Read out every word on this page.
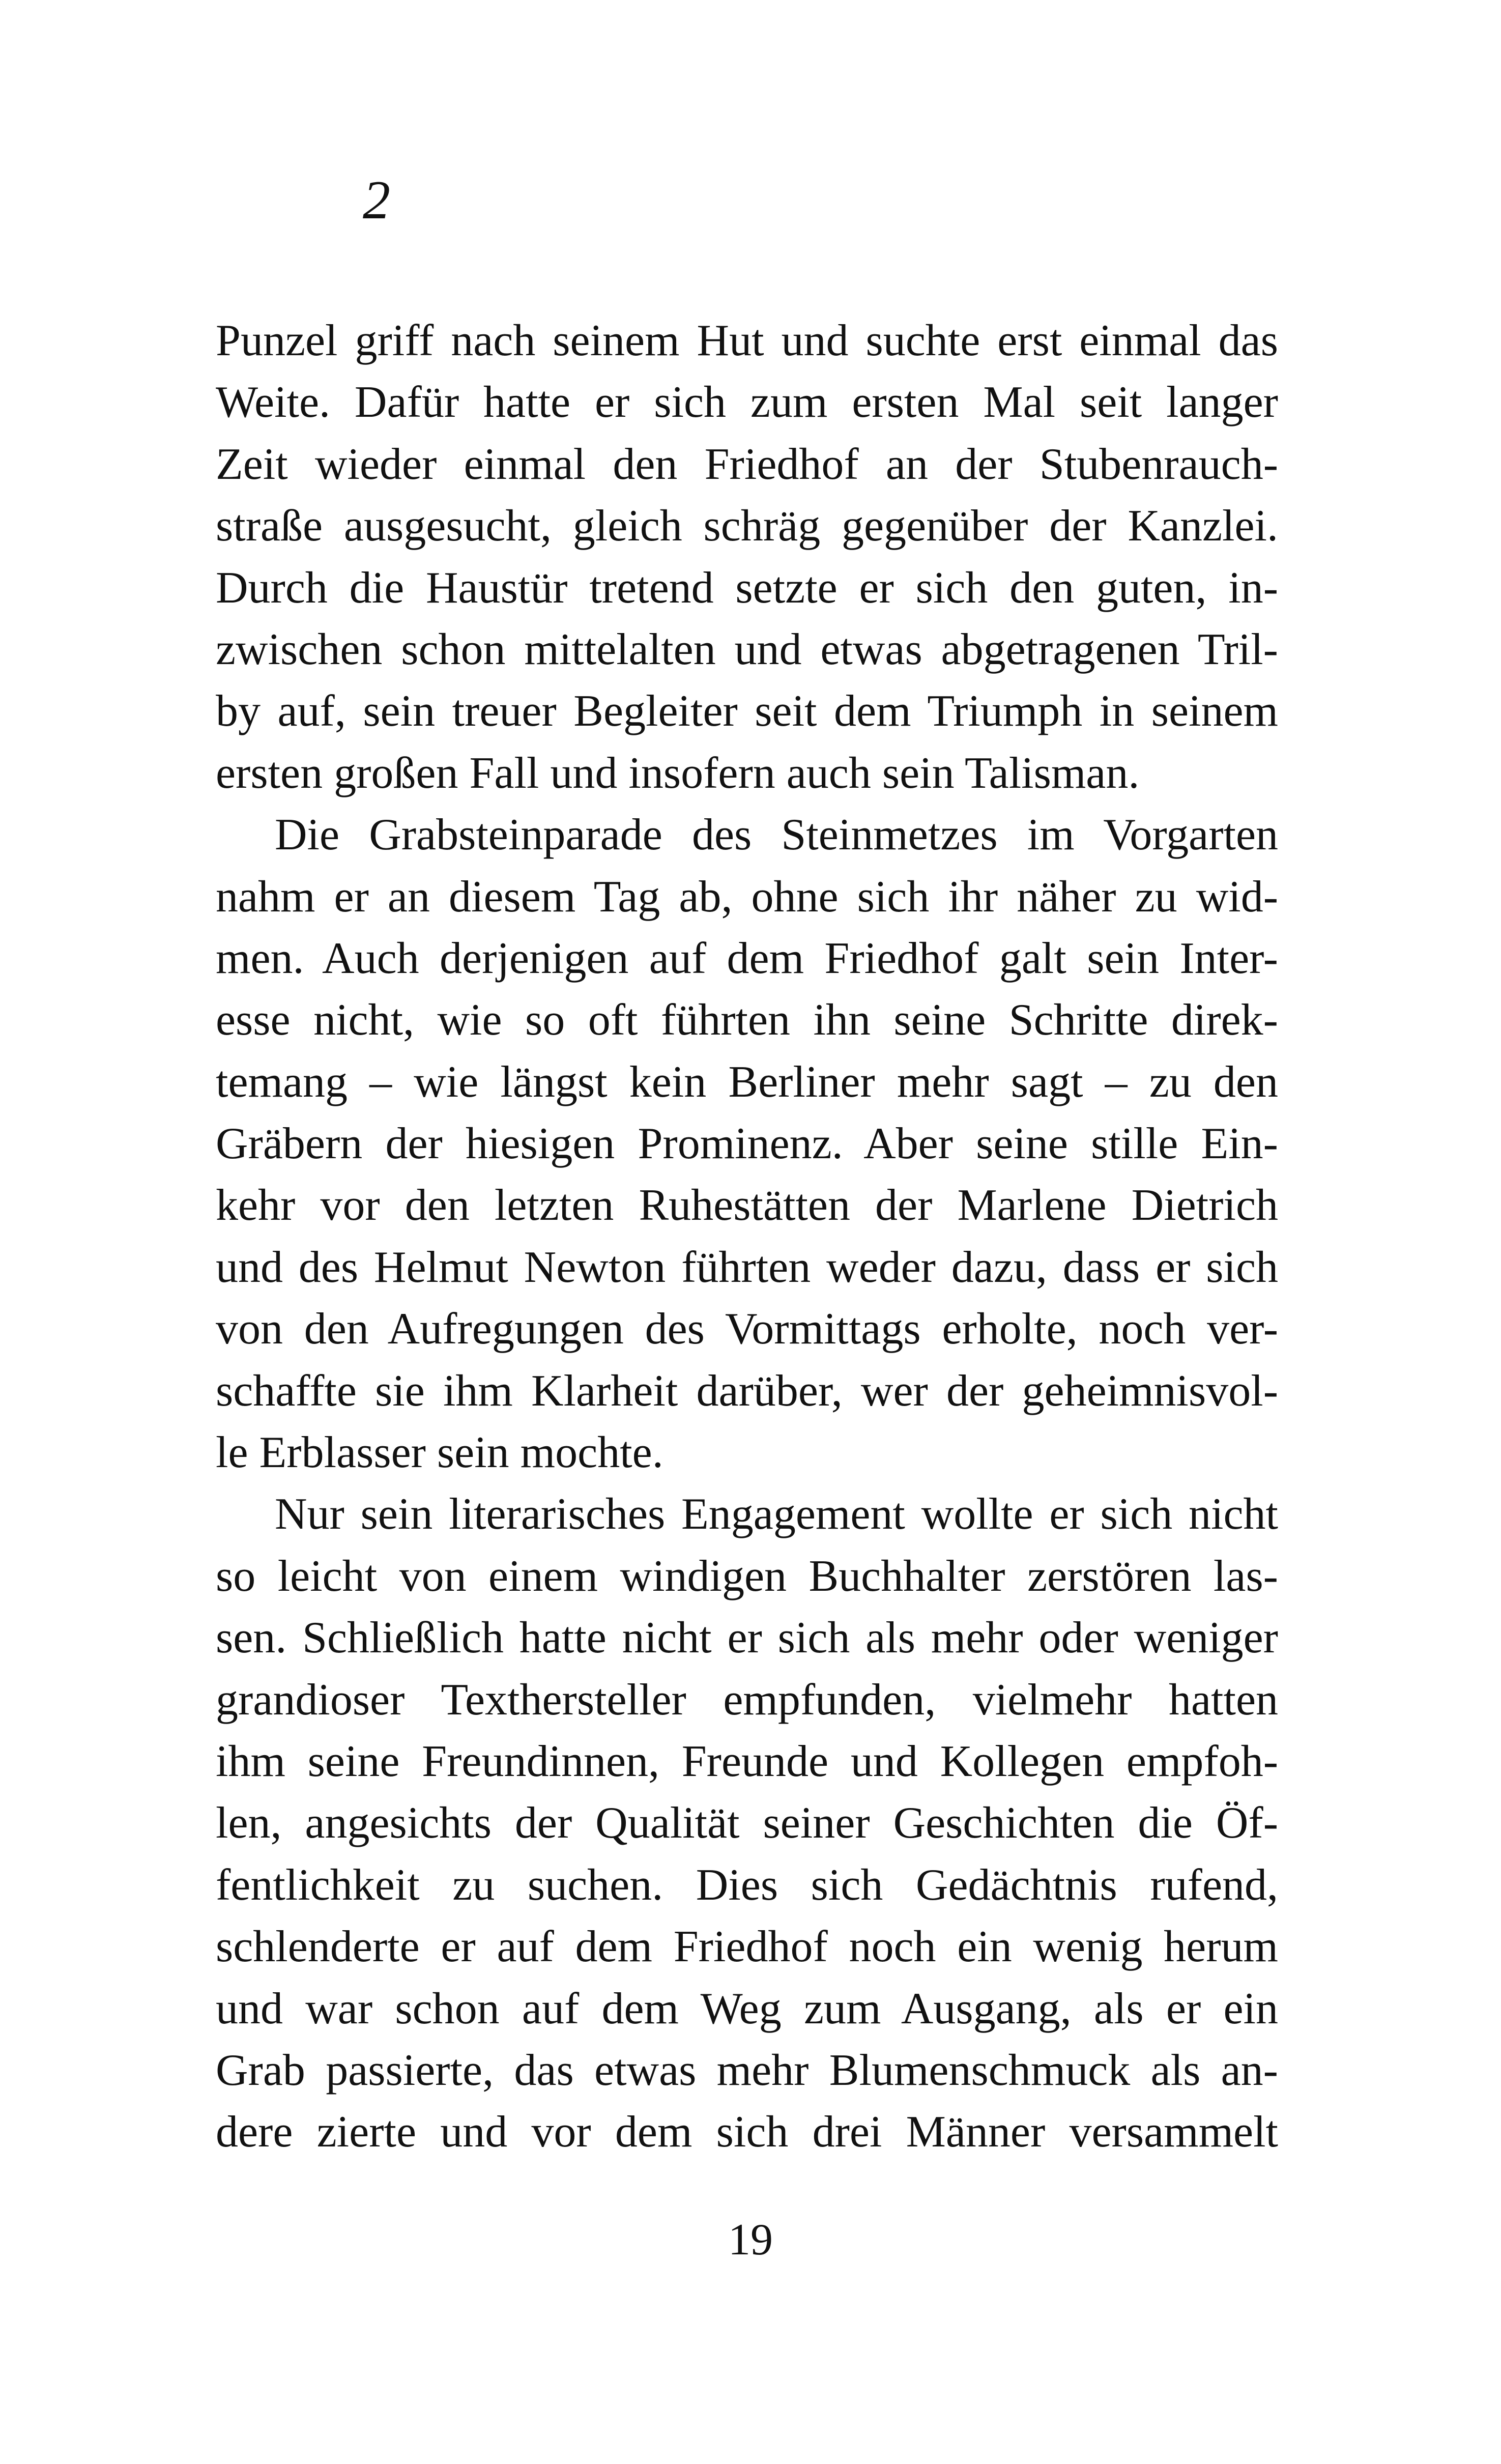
2

Punzel griff nach seinem Hut und suchte erst einmal das
Weite. Dafür hatte er sich zum ersten Mal seit langer
Zeit wieder einmal den Friedhof an der Stubenrauch-
straße ausgesucht, gleich schräg gegenüber der Kanzlei.
Durch die Haustür tretend setzte er sich den guten, in-
zwischen schon mittelalten und etwas abgetragenen Tril-
by auf, sein treuer Begleiter seit dem Triumph in seinem
ersten großen Fall und insofern auch sein Talisman.

Die Grabsteinparade des Steinmetzes im Vorgarten
nahm er an diesem Tag ab, ohne sich ihr näher zu wid-
men. Auch derjenigen auf dem Friedhof galt sein Inter-
esse nicht, wie so oft führten ihn seine Schritte direk-
temang – wie längst kein Berliner mehr sagt – zu den
Gräbern der hiesigen Prominenz. Aber seine stille Ein-
kehr vor den letzten Ruhestätten der Marlene Dietrich
und des Helmut Newton führten weder dazu, dass er sich
von den Aufregungen des Vormittags erholte, noch ver-
schaffte sie ihm Klarheit darüber, wer der geheimnisvol-
le Erblasser sein mochte.

Nur sein literarisches Engagement wollte er sich nicht
so leicht von einem windigen Buchhalter zerstören las-
sen. Schließlich hatte nicht er sich als mehr oder weniger
grandioser Texthersteller empfunden, vielmehr hatten
ihm seine Freundinnen, Freunde und Kollegen empfoh-
len, angesichts der Qualität seiner Geschichten die Öf-
fentlichkeit zu suchen. Dies sich Gedächtnis rufend,
schlenderte er auf dem Friedhof noch ein wenig herum
und war schon auf dem Weg zum Ausgang, als er ein
Grab passierte, das etwas mehr Blumenschmuck als an-
dere zierte und vor dem sich drei Männer versammelt

19
